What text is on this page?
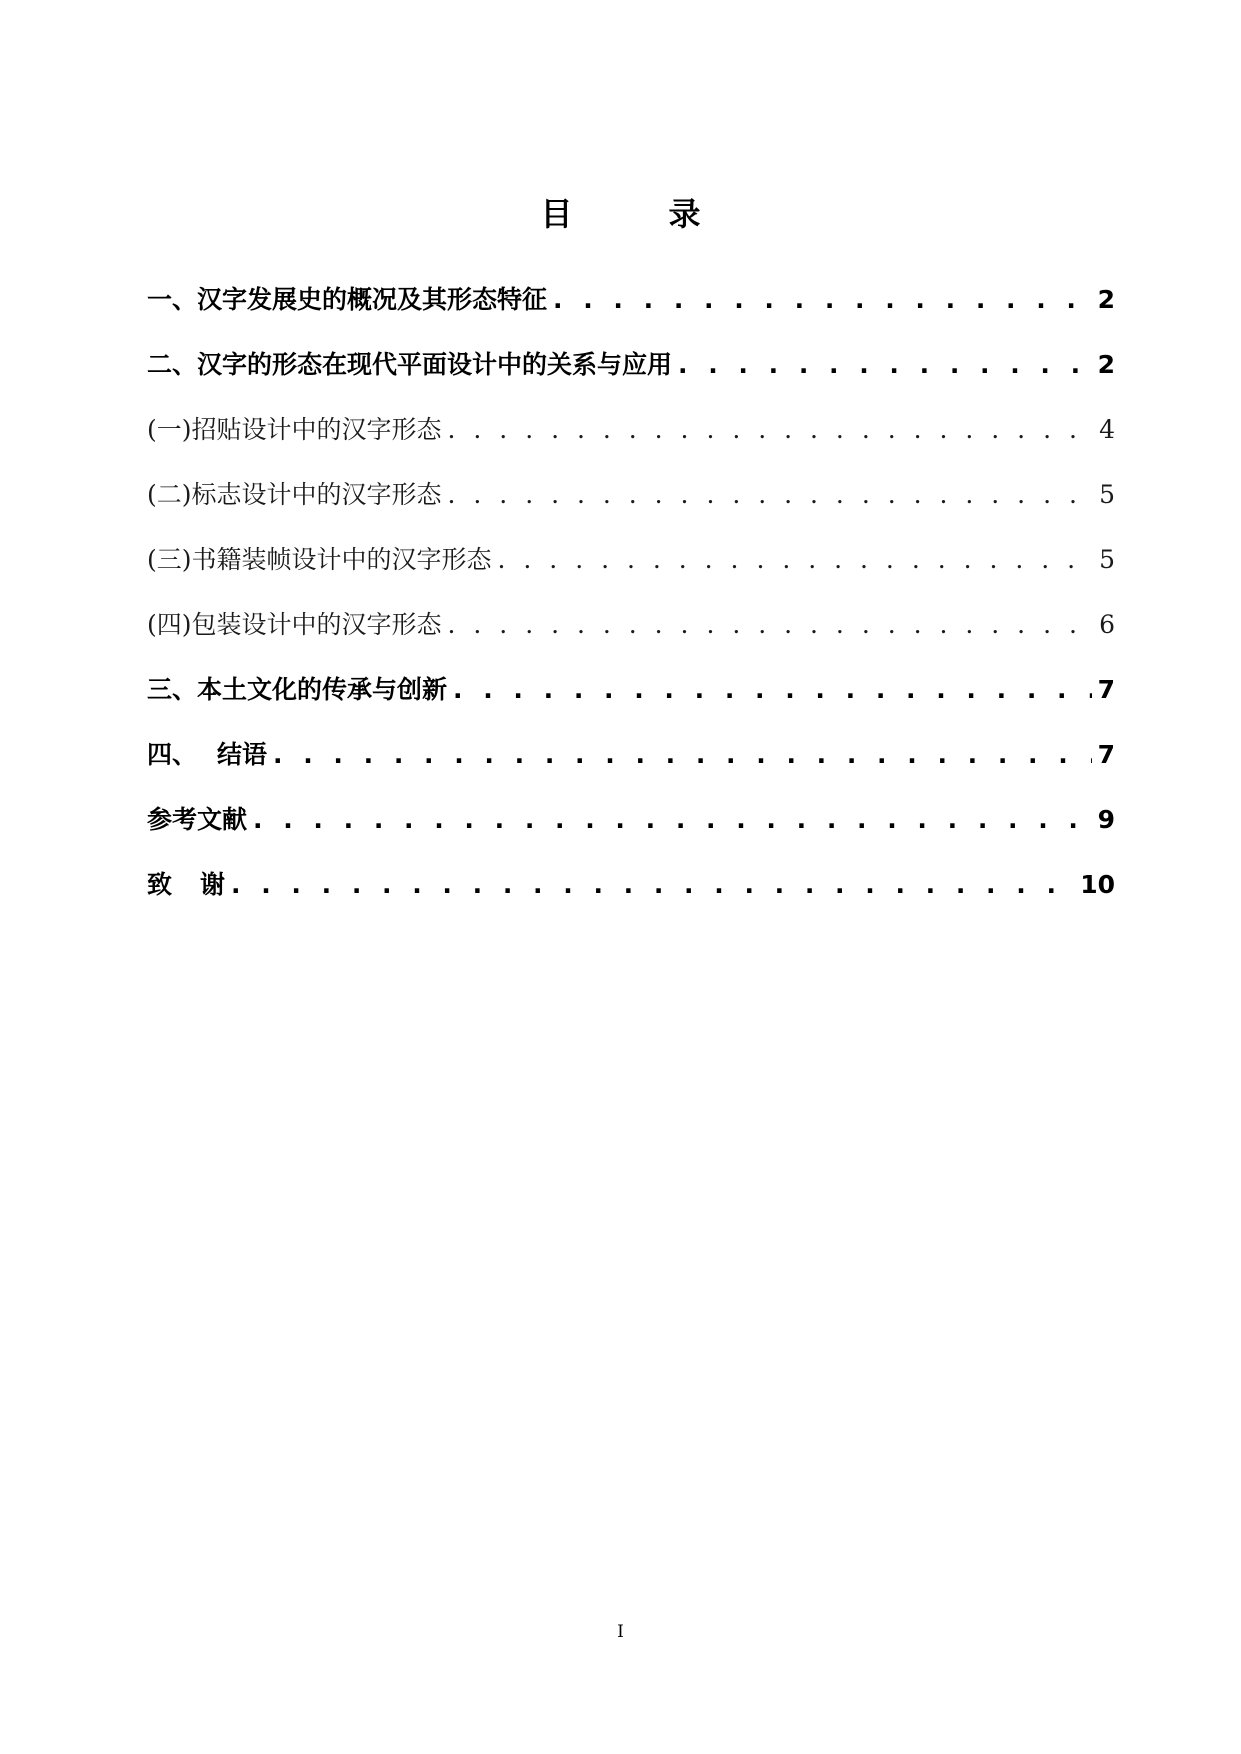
目	录
一、汉字发展史的概况及其形态特征 . . .	2
二、汉字的形态在现代平面设计中的关系与应用 . . .	2
(一)招贴设计中的汉字形态 . . .	4
(二)标志设计中的汉字形态 . . .	5
(三)书籍装帧设计中的汉字形态 . . .	5
(四)包装设计中的汉字形态 . . .	6
三、本土文化的传承与创新 . . .	7
四、 结语 . . .	7
参考文献 . . .	9
致 谢 . . .	10
I
